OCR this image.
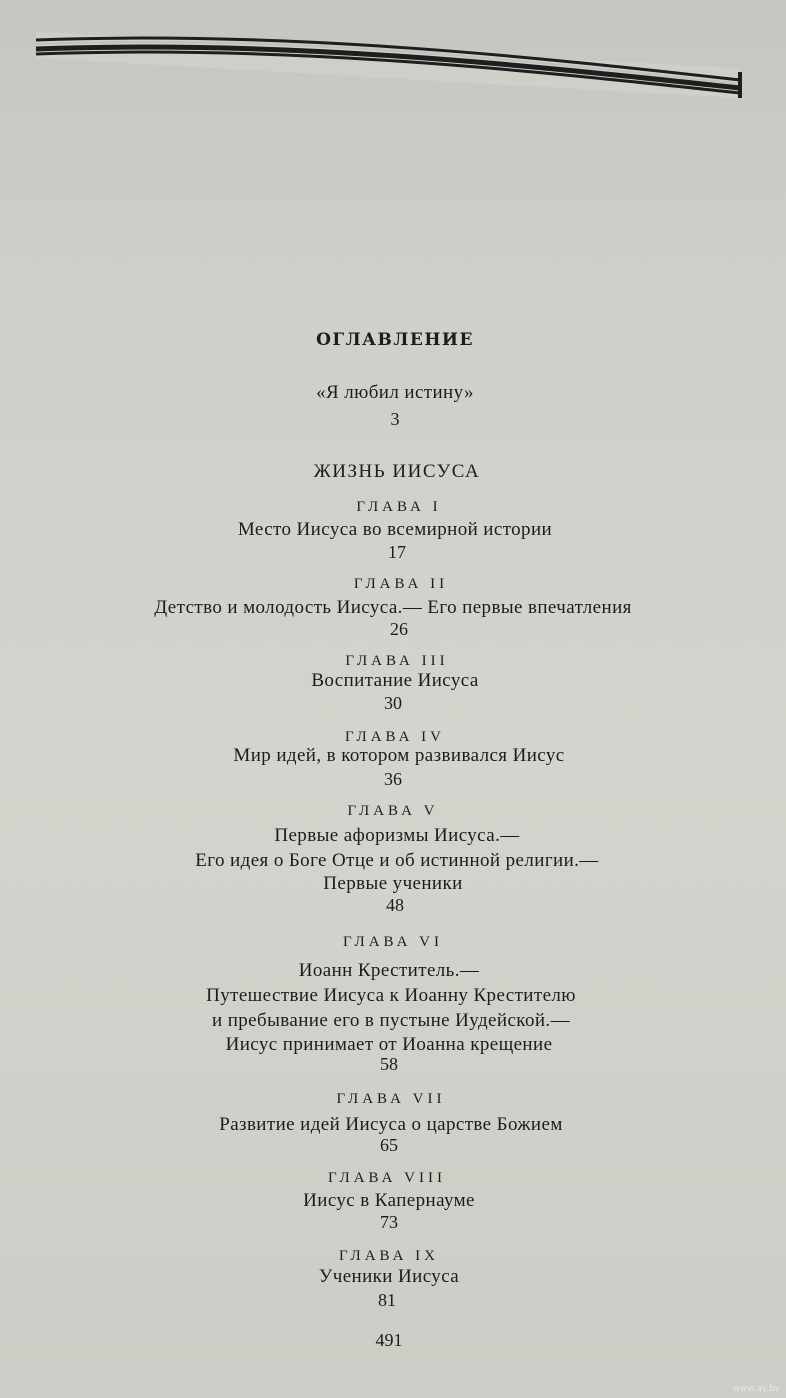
ОГЛАВЛЕНИЕ
«Я любил истину»
3
ЖИЗНЬ ИИСУСА
ГЛАВА I
Место Иисуса во всемирной истории
17
ГЛАВА II
Детство и молодость Иисуса.— Его первые впечатления
26
ГЛАВА III
Воспитание Иисуса
30
ГЛАВА IV
Мир идей, в котором развивался Иисус
36
ГЛАВА V
Первые афоризмы Иисуса.—
Его идея о Боге Отце и об истинной религии.—
Первые ученики
48
ГЛАВА VI
Иоанн Креститель.—
Путешествие Иисуса к Иоанну Крестителю
и пребывание его в пустыне Иудейской.—
Иисус принимает от Иоанна крещение
58
ГЛАВА VII
Развитие идей Иисуса о царстве Божием
65
ГЛАВА VIII
Иисус в Капернауме
73
ГЛАВА IX
Ученики Иисуса
81
491
www.ay.by
